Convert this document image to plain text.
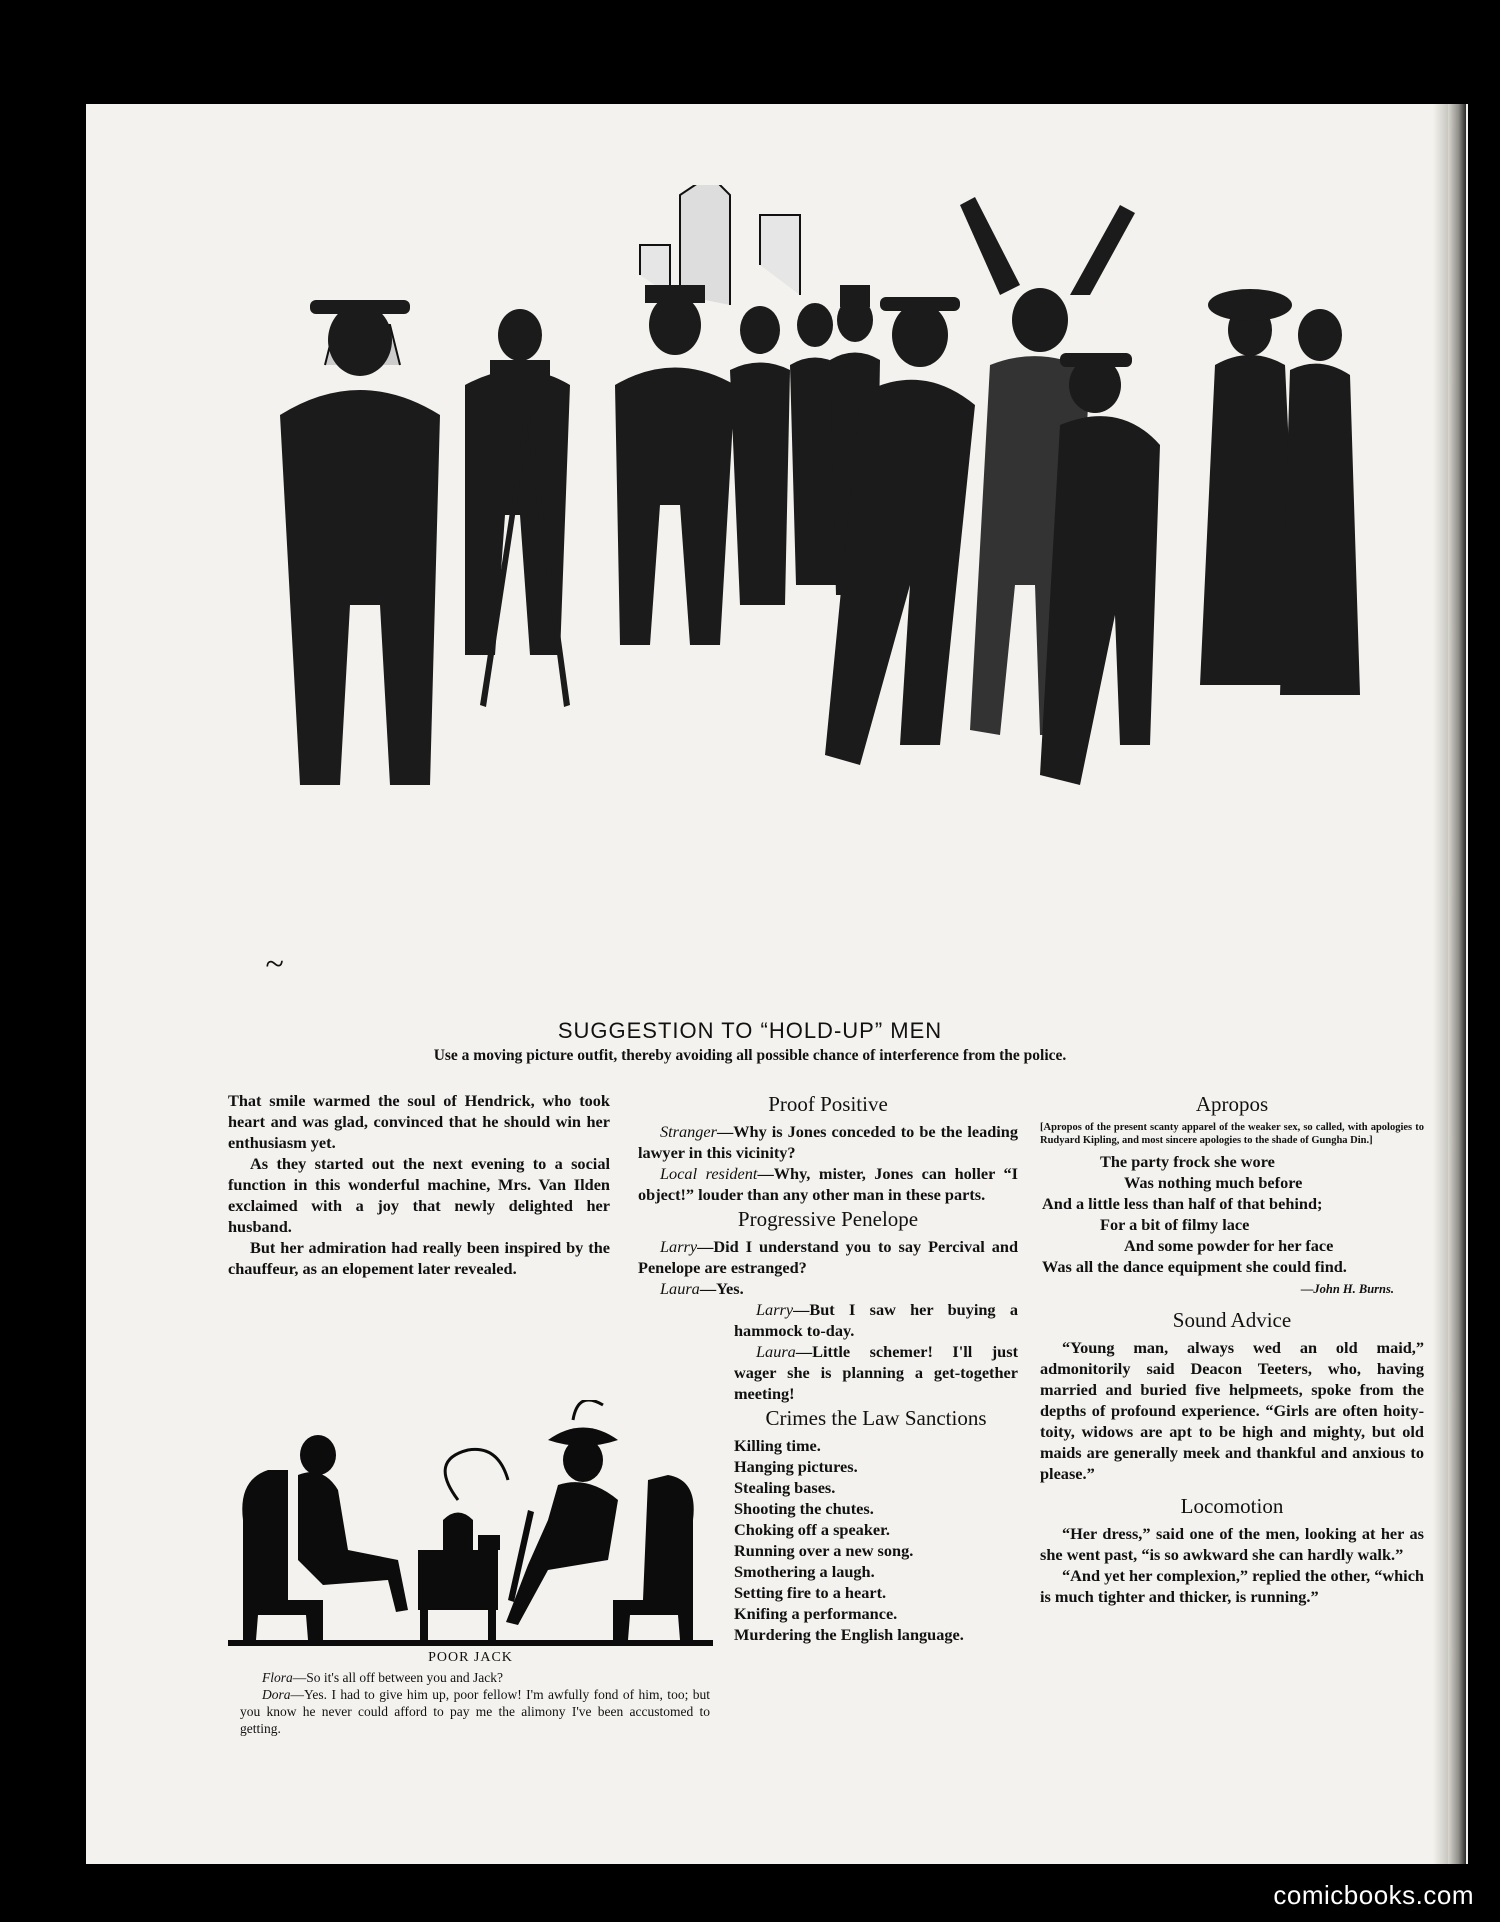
~
SUGGESTION TO “HOLD-UP” MEN
Use a moving picture outfit, thereby avoiding all possible chance of interference from the police.

That smile warmed the soul of Hendrick, who took heart and was glad, convinced that he should win her enthusiasm yet.

As they started out the next evening to a social function in this wonderful machine, Mrs. Van Ilden exclaimed with a joy that newly delighted her husband.

But her admiration had really been inspired by the chauffeur, as an elopement later revealed.

POOR JACK

Flora—So it's all off between you and Jack?

Dora—Yes. I had to give him up, poor fellow! I'm awfully fond of him, too; but you know he never could afford to pay me the alimony I've been accustomed to getting.

Proof Positive

Stranger—Why is Jones conceded to be the leading lawyer in this vicinity?

Local resident—Why, mister, Jones can holler “I object!” louder than any other man in these parts.

Progressive Penelope

Larry—Did I understand you to say Percival and Penelope are estranged?

Laura—Yes.

Larry—But I saw her buying a hammock to-day.

Laura—Little schemer! I'll just wager she is planning a get-together meeting!

Crimes the Law Sanctions
Killing time.
Hanging pictures.
Stealing bases.
Shooting the chutes.
Choking off a speaker.
Running over a new song.
Smothering a laugh.
Setting fire to a heart.
Knifing a performance.
Murdering the English language.
Apropos

[Apropos of the present scanty apparel of the weaker sex, so called, with apologies to Rudyard Kipling, and most sincere apologies to the shade of Gungha Din.]

The party frock she wore
Was nothing much before
And a little less than half of that behind;
For a bit of filmy lace
And some powder for her face
Was all the dance equipment she could find.
—John H. Burns.
Sound Advice

“Young man, always wed an old maid,” admonitorily said Deacon Teeters, who, having married and buried five helpmeets, spoke from the depths of profound experience. “Girls are often hoity-toity, widows are apt to be high and mighty, but old maids are generally meek and thankful and anxious to please.”

Locomotion

“Her dress,” said one of the men, looking at her as she went past, “is so awkward she can hardly walk.”

“And yet her complexion,” replied the other, “which is much tighter and thicker, is running.”

comicbooks.com
